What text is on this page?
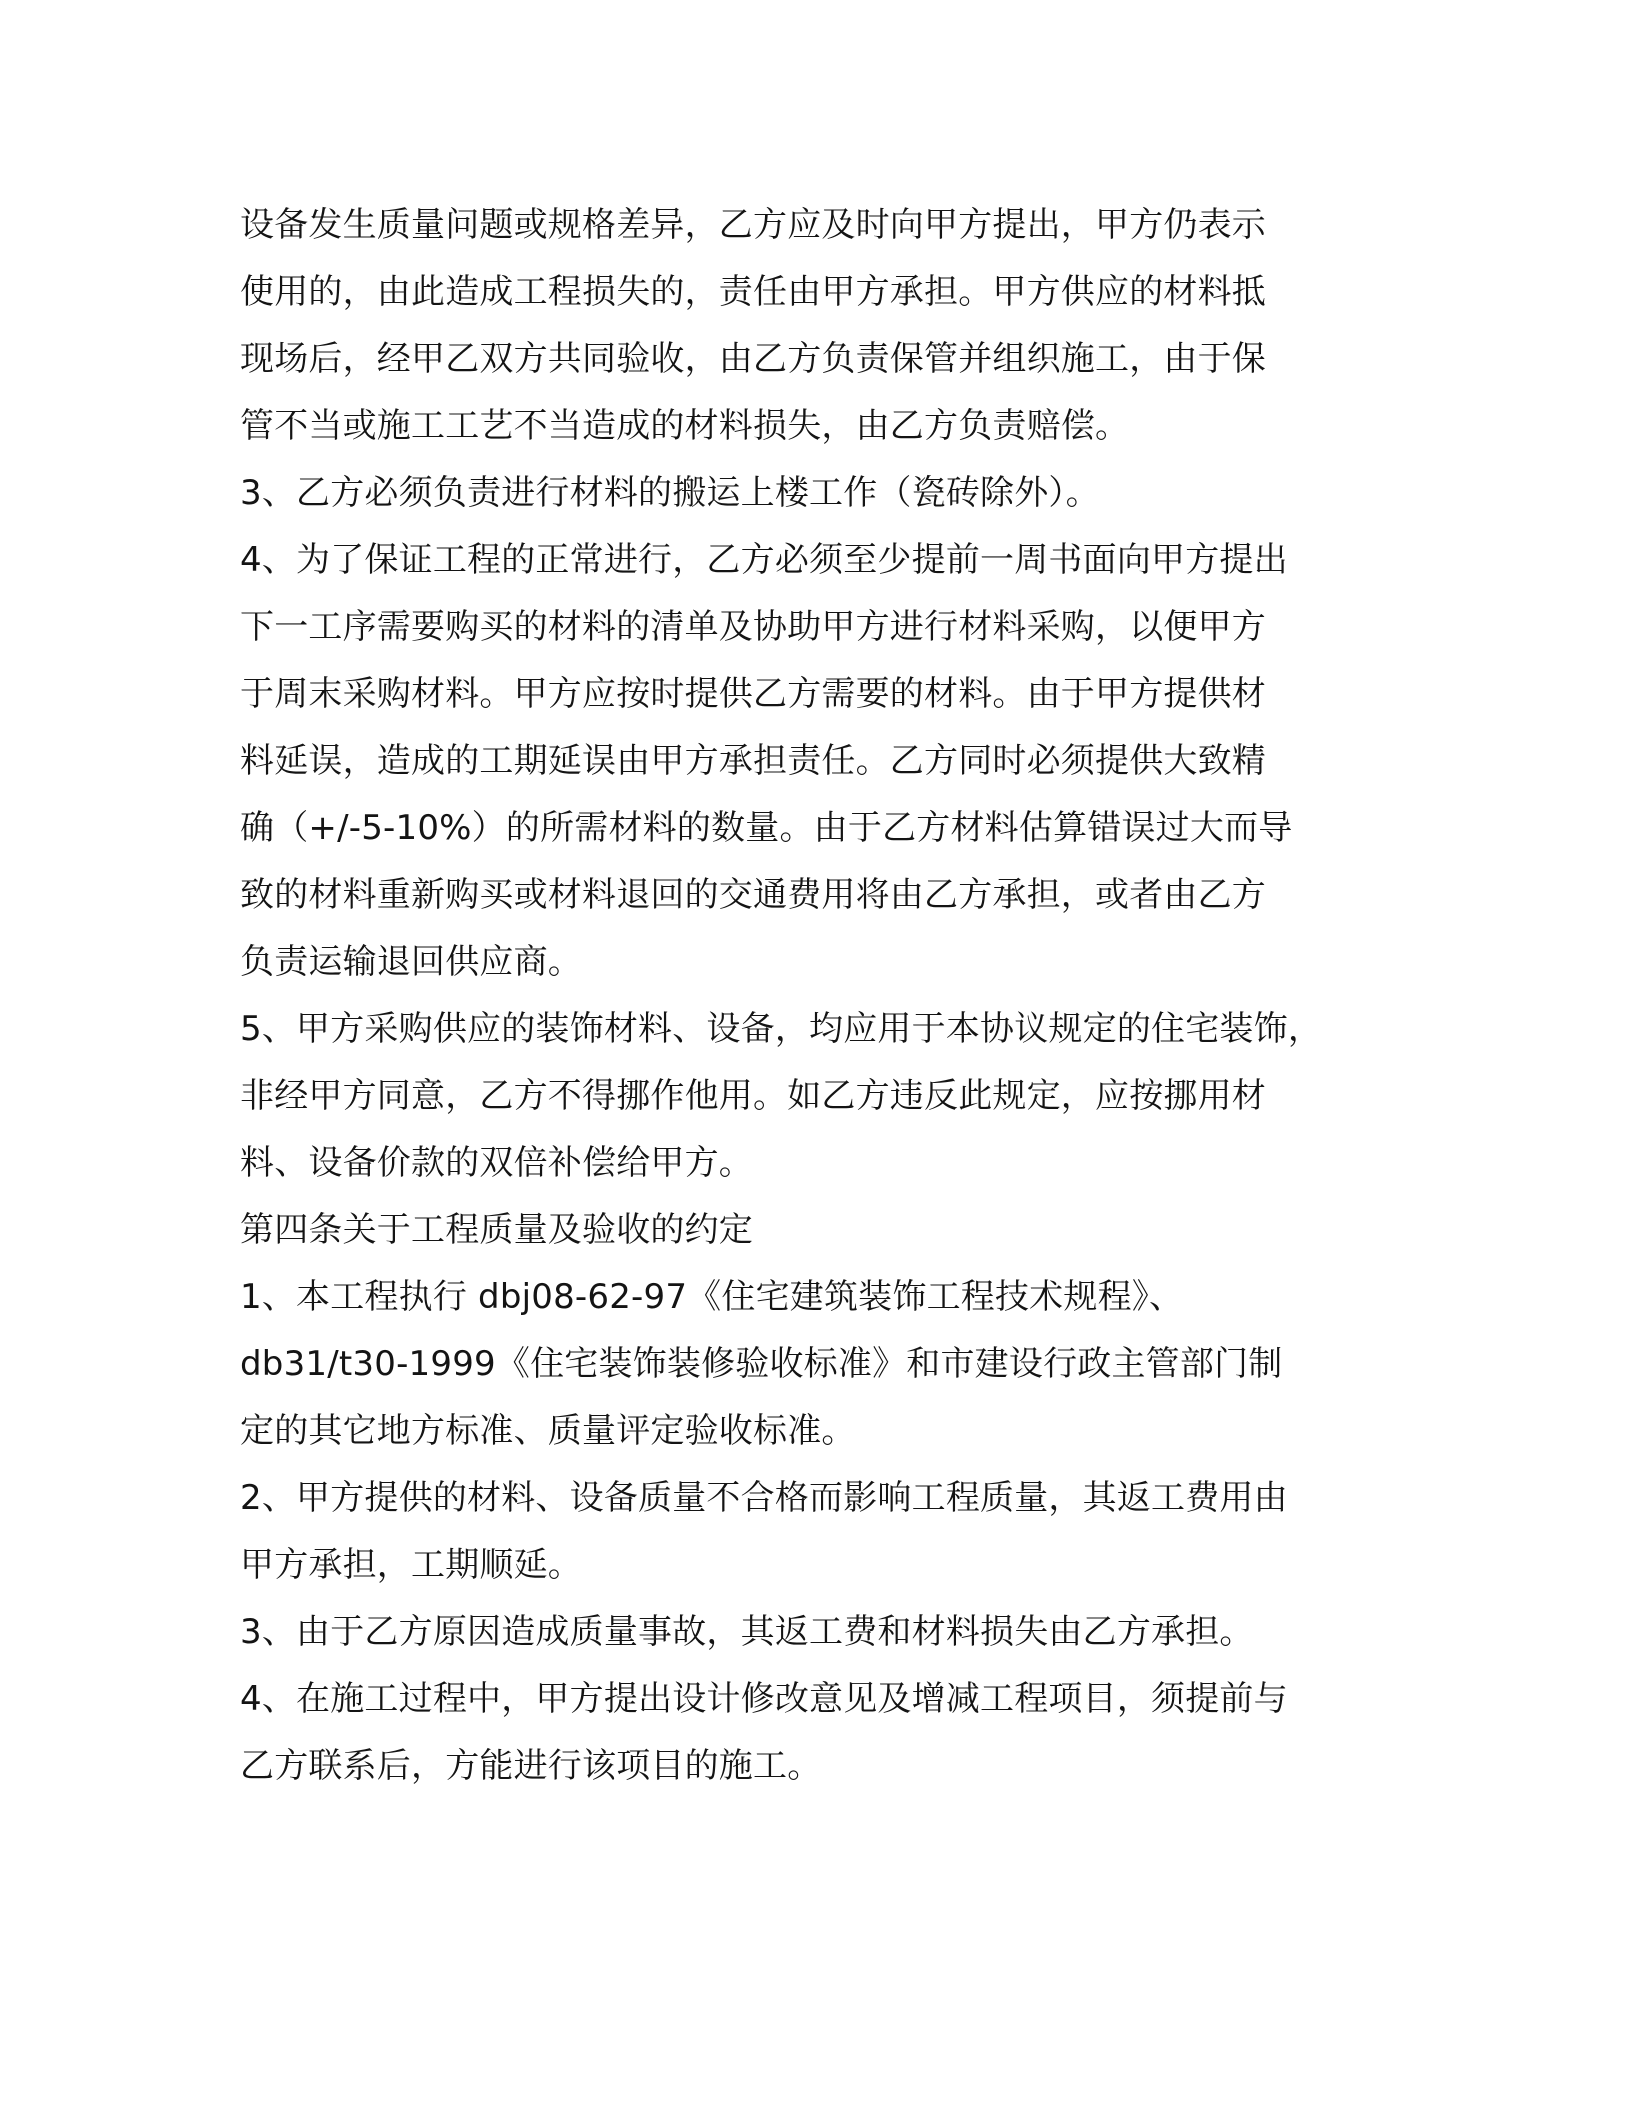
设备发生质量问题或规格差异，乙方应及时向甲方提出，甲方仍表示
使用的，由此造成工程损失的，责任由甲方承担。甲方供应的材料抵
现场后，经甲乙双方共同验收，由乙方负责保管并组织施工，由于保
管不当或施工工艺不当造成的材料损失，由乙方负责赔偿。
3、乙方必须负责进行材料的搬运上楼工作（瓷砖除外）。
4、为了保证工程的正常进行，乙方必须至少提前一周书面向甲方提出
下一工序需要购买的材料的清单及协助甲方进行材料采购，以便甲方
于周末采购材料。甲方应按时提供乙方需要的材料。由于甲方提供材
料延误，造成的工期延误由甲方承担责任。乙方同时必须提供大致精
确（+/-5-10%）的所需材料的数量。由于乙方材料估算错误过大而导
致的材料重新购买或材料退回的交通费用将由乙方承担，或者由乙方
负责运输退回供应商。
5、甲方采购供应的装饰材料、设备，均应用于本协议规定的住宅装饰，
非经甲方同意，乙方不得挪作他用。如乙方违反此规定，应按挪用材
料、设备价款的双倍补偿给甲方。
第四条关于工程质量及验收的约定
1、本工程执行 dbj08-62-97《住宅建筑装饰工程技术规程》、
db31/t30-1999《住宅装饰装修验收标准》和市建设行政主管部门制
定的其它地方标准、质量评定验收标准。
2、甲方提供的材料、设备质量不合格而影响工程质量，其返工费用由
甲方承担，工期顺延。
3、由于乙方原因造成质量事故，其返工费和材料损失由乙方承担。
4、在施工过程中，甲方提出设计修改意见及增减工程项目，须提前与
乙方联系后，方能进行该项目的施工。
